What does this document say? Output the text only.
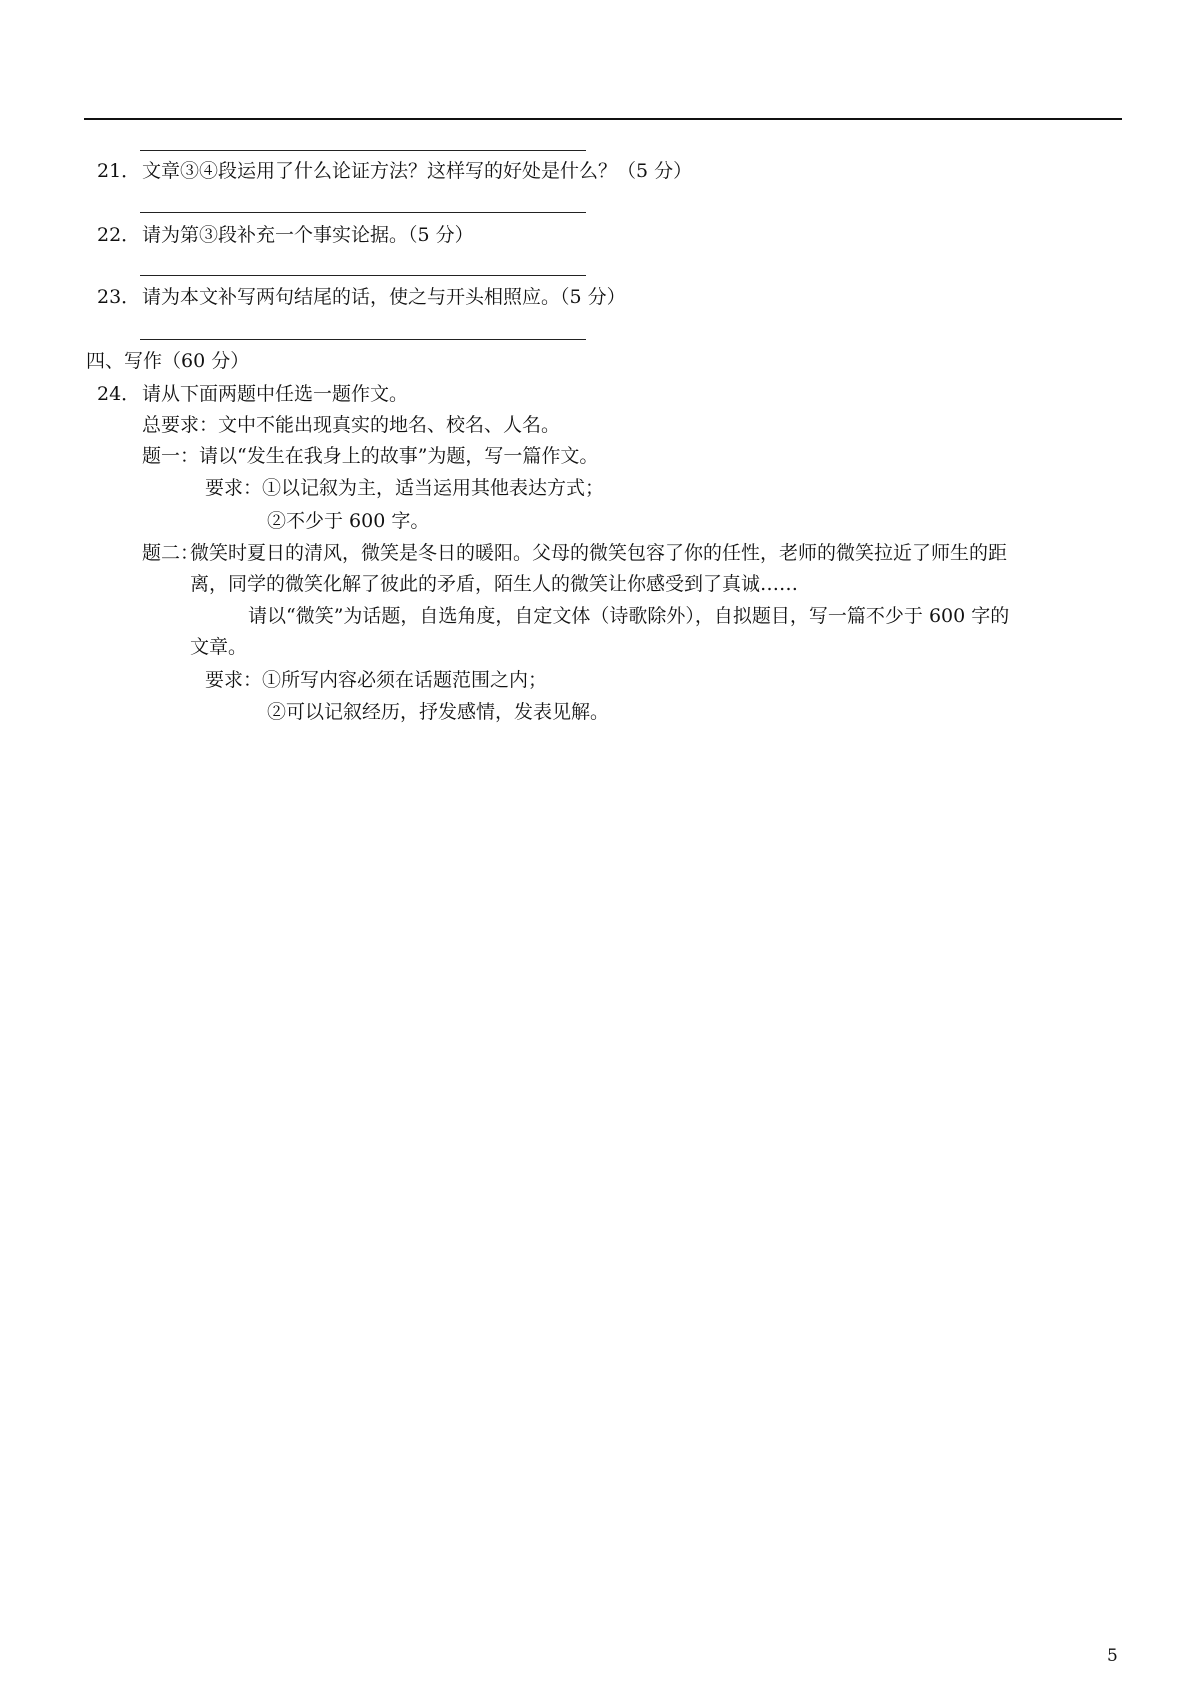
21．文章③④段运用了什么论证方法？这样写的好处是什么？（5 分）
22．请为第③段补充一个事实论据。（5 分）
23．请为本文补写两句结尾的话，使之与开头相照应。（5 分）
四、写作（60 分）
24．请从下面两题中任选一题作文。
总要求：文中不能出现真实的地名、校名、人名。
题一：请以“发生在我身上的故事”为题，写一篇作文。
要求：①以记叙为主，适当运用其他表达方式；
②不少于 600 字。
题二：
微笑时夏日的清风，微笑是冬日的暖阳。父母的微笑包容了你的任性，老师的微笑拉近了师生的距
离，同学的微笑化解了彼此的矛盾，陌生人的微笑让你感受到了真诚……
请以“微笑”为话题，自选角度，自定文体（诗歌除外），自拟题目，写一篇不少于 600 字的
文章。
要求：①所写内容必须在话题范围之内；
②可以记叙经历，抒发感情，发表见解。
5
